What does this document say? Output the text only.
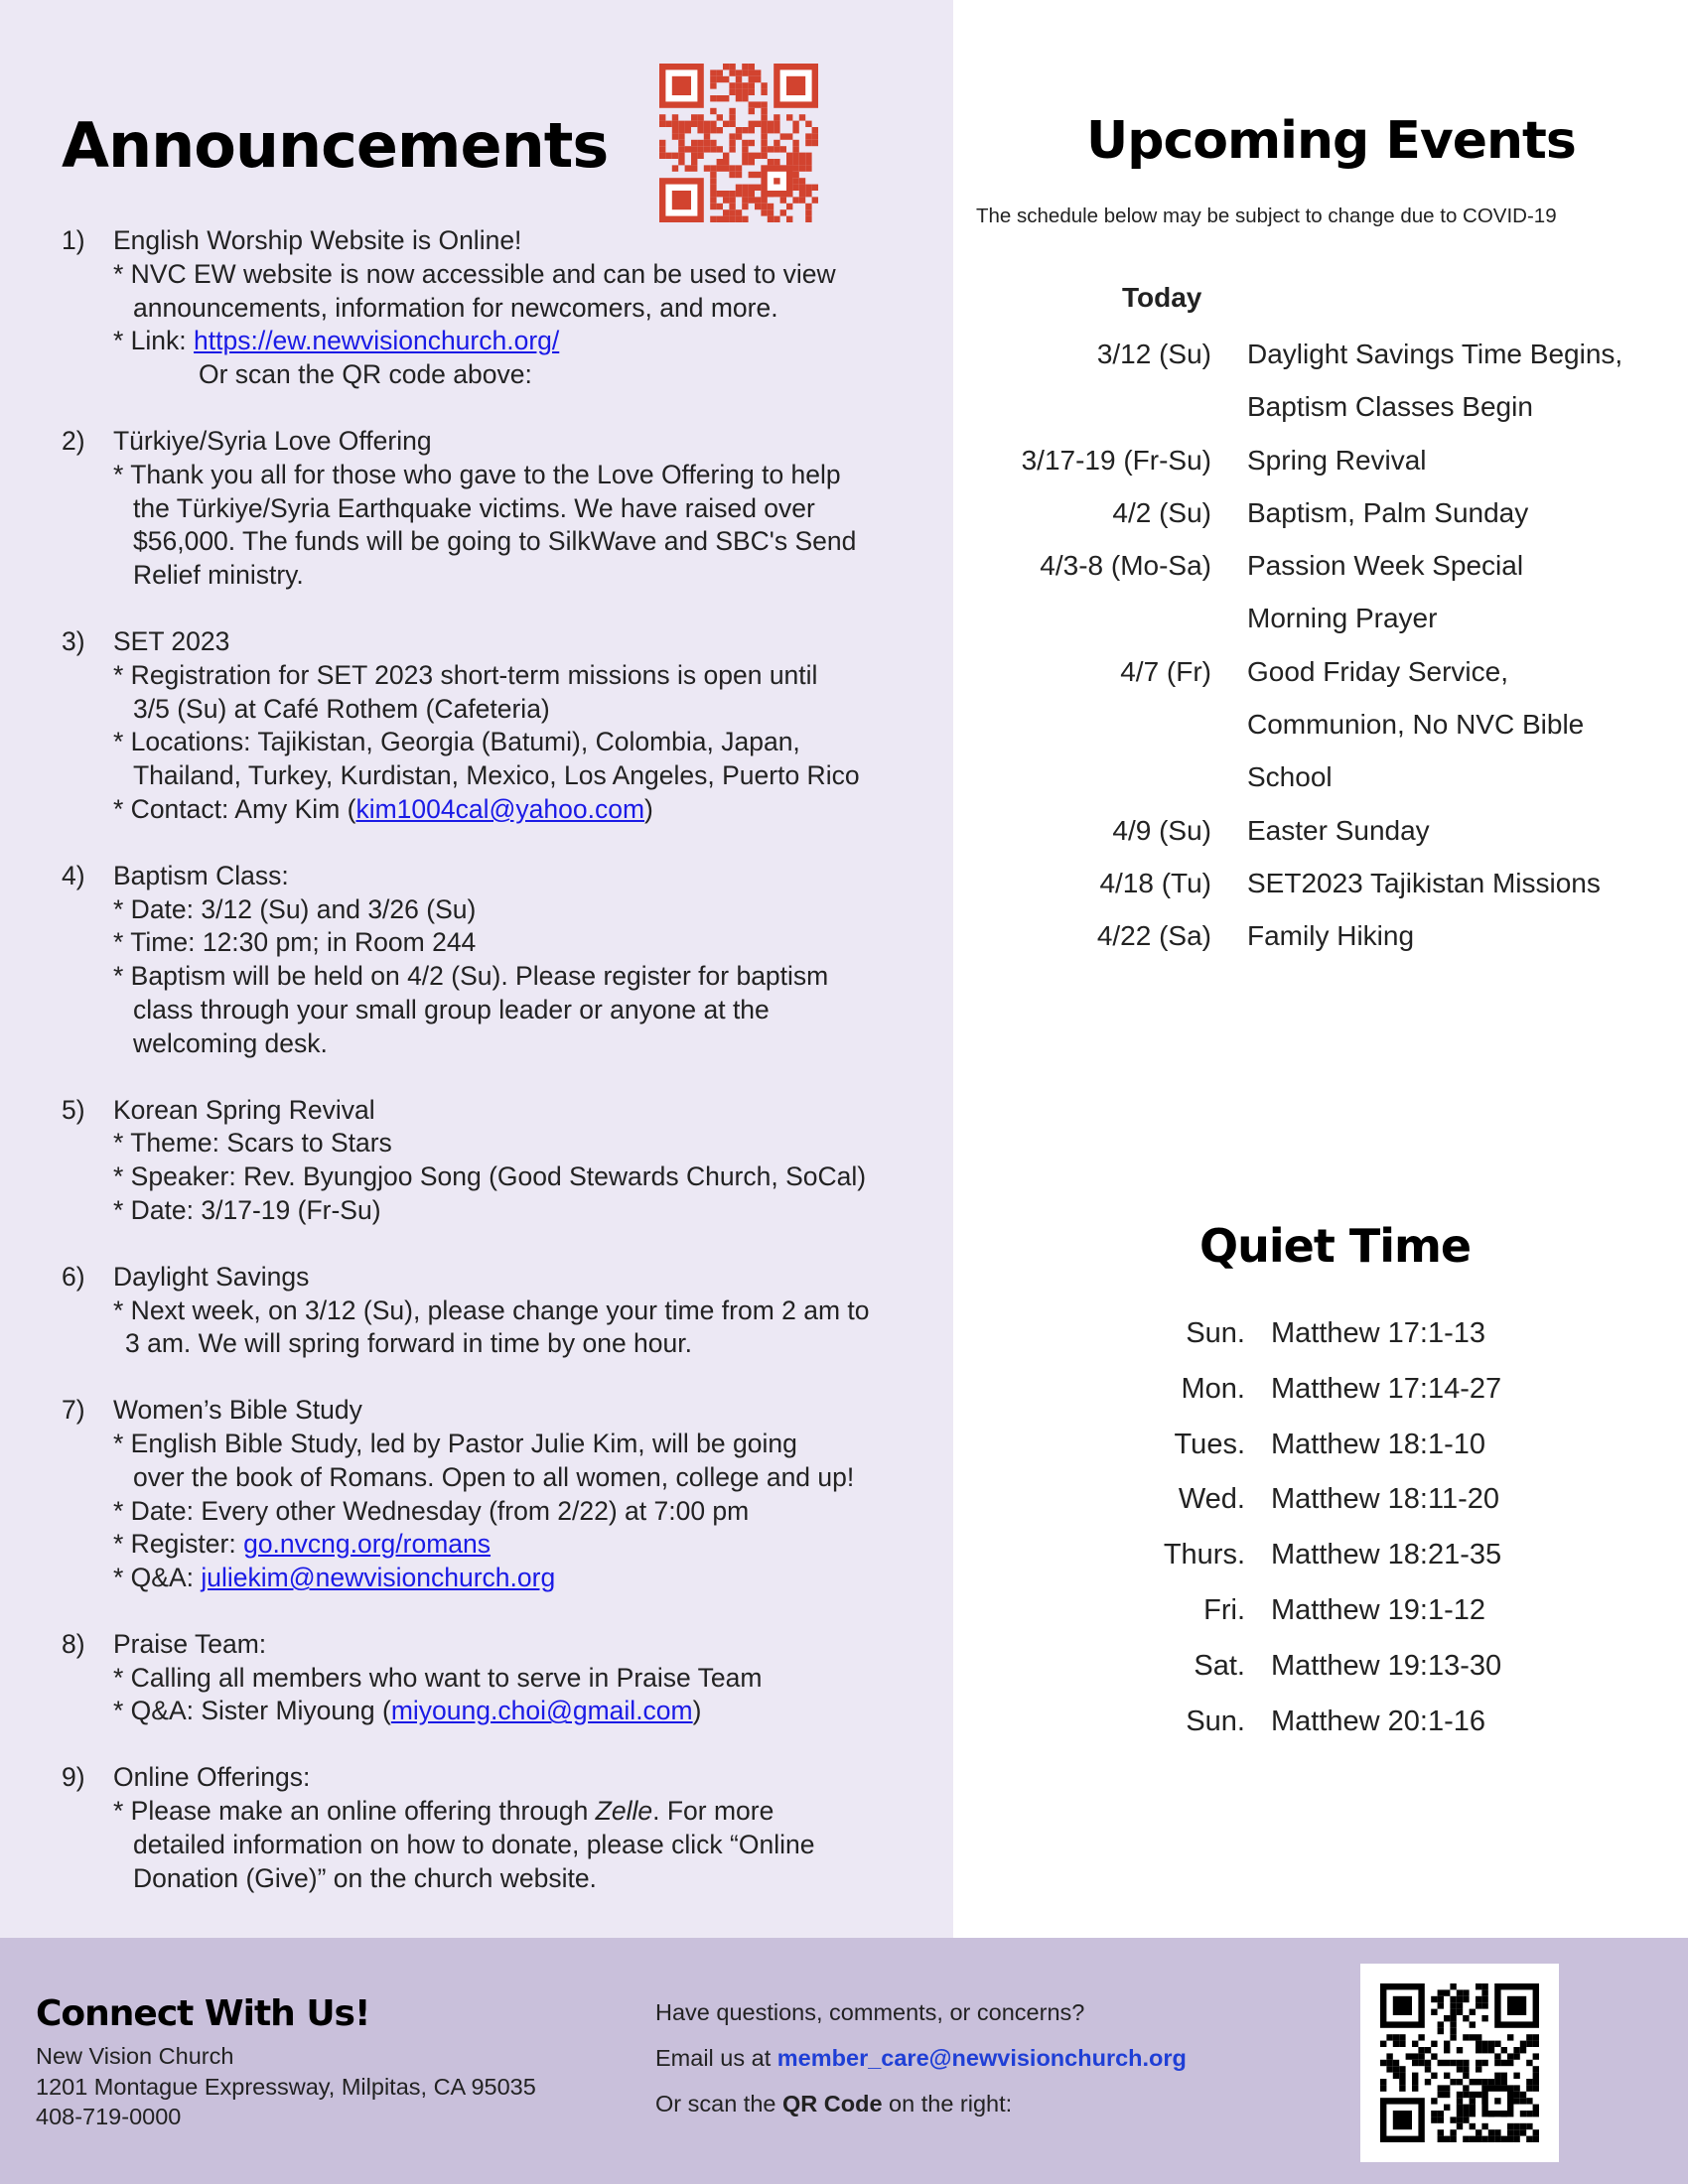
Announcements
1)	English Worship Website is Online!
* NVC EW website is now accessible and can be used to view
announcements, information for newcomers, and more.
* Link: https://ew.newvisionchurch.org/
Or scan the QR code above:
2)	Türkiye/Syria Love Offering
* Thank you all for those who gave to the Love Offering to help
the Türkiye/Syria Earthquake victims. We have raised over
$56,000. The funds will be going to SilkWave and SBC's Send
Relief ministry.
3)	SET 2023
* Registration for SET 2023 short-term missions is open until
3/5 (Su) at Café Rothem (Cafeteria)
* Locations: Tajikistan, Georgia (Batumi), Colombia, Japan,
Thailand, Turkey, Kurdistan, Mexico, Los Angeles, Puerto Rico
* Contact: Amy Kim (kim1004cal@yahoo.com)
4)	Baptism Class:
* Date: 3/12 (Su) and 3/26 (Su)
* Time: 12:30 pm; in Room 244
* Baptism will be held on 4/2 (Su). Please register for baptism
class through your small group leader or anyone at the
welcoming desk.
5)	Korean Spring Revival
* Theme: Scars to Stars
* Speaker: Rev. Byungjoo Song (Good Stewards Church, SoCal)
* Date: 3/17-19 (Fr-Su)
6)	Daylight Savings
* Next week, on 3/12 (Su), please change your time from 2 am to
3 am. We will spring forward in time by one hour.
7)	Women’s Bible Study
* English Bible Study, led by Pastor Julie Kim, will be going
over the book of Romans. Open to all women, college and up!
* Date: Every other Wednesday (from 2/22) at 7:00 pm
* Register: go.nvcng.org/romans
* Q&A: juliekim@newvisionchurch.org
8)	Praise Team:
* Calling all members who want to serve in Praise Team
* Q&A: Sister Miyoung (miyoung.choi@gmail.com)
9)	Online Offerings:
* Please make an online offering through Zelle. For more
detailed information on how to donate, please click “Online
Donation (Give)” on the church website.
Upcoming Events
The schedule below may be subject to change due to COVID-19
Today
3/12 (Su) Daylight Savings Time Begins,
Baptism Classes Begin
3/17-19 (Fr-Su) Spring Revival
4/2 (Su) Baptism, Palm Sunday
4/3-8 (Mo-Sa) Passion Week Special
Morning Prayer
4/7 (Fr) Good Friday Service,
Communion, No NVC Bible
School
4/9 (Su) Easter Sunday
4/18 (Tu) SET2023 Tajikistan Missions
4/22 (Sa) Family Hiking
Quiet Time
Sun. Matthew 17:1-13
Mon. Matthew 17:14-27
Tues. Matthew 18:1-10
Wed. Matthew 18:11-20
Thurs. Matthew 18:21-35
Fri. Matthew 19:1-12
Sat. Matthew 19:13-30
Sun. Matthew 20:1-16
Connect With Us!
New Vision Church
1201 Montague Expressway, Milpitas, CA 95035
408-719-0000
Have questions, comments, or concerns?
Email us at member_care@newvisionchurch.org
Or scan the QR Code on the right:
